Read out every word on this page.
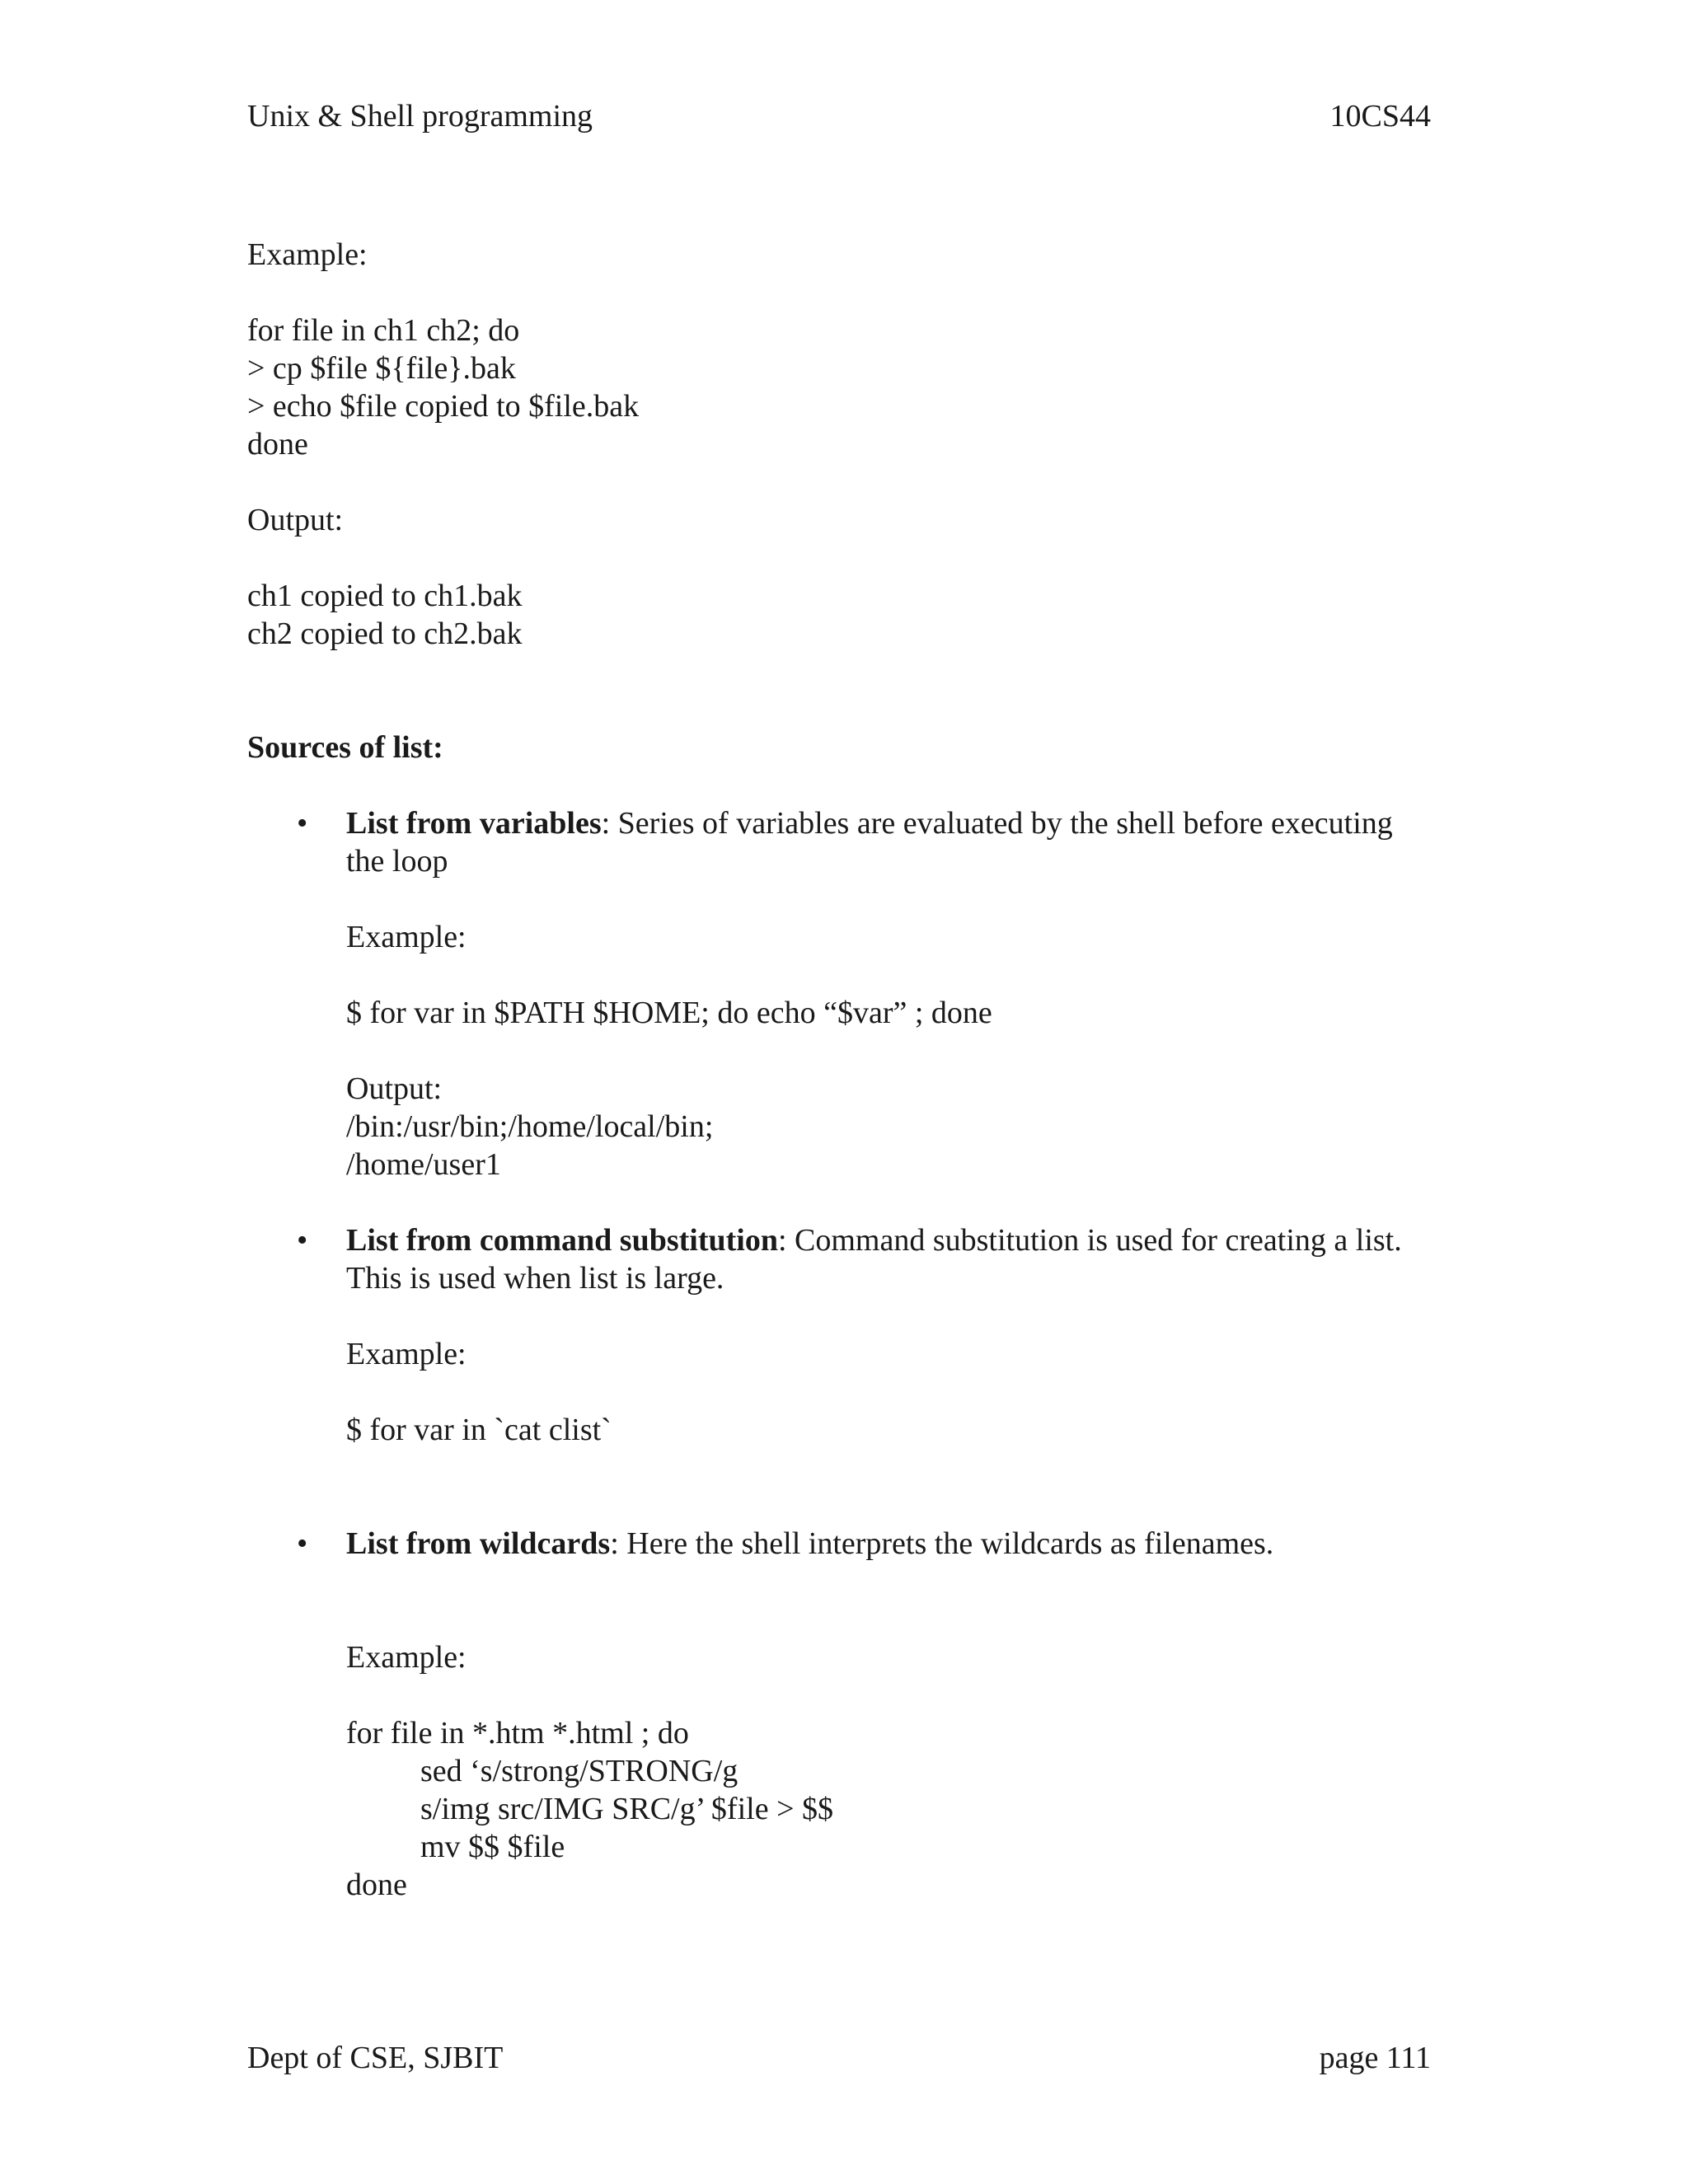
Unix & Shell programming	10CS44
Example:
for file in ch1 ch2; do
> cp $file ${file}.bak
> echo $file copied to $file.bak
done
Output:
ch1 copied to ch1.bak
ch2 copied to ch2.bak
Sources of list:
•	List from variables: Series of variables are evaluated by the shell before executing the loop
Example:
$ for var in $PATH $HOME; do echo “$var” ; done
Output:
/bin:/usr/bin;/home/local/bin;
/home/user1
•	List from command substitution: Command substitution is used for creating a list. This is used when list is large.
Example:
$ for var in `cat clist`
•	List from wildcards: Here the shell interprets the wildcards as filenames.
Example:
for file in *.htm *.html ; do
sed ‘s/strong/STRONG/g
s/img src/IMG SRC/g’ $file > $$
mv $$ $file
done
Dept of CSE, SJBIT	page 111
